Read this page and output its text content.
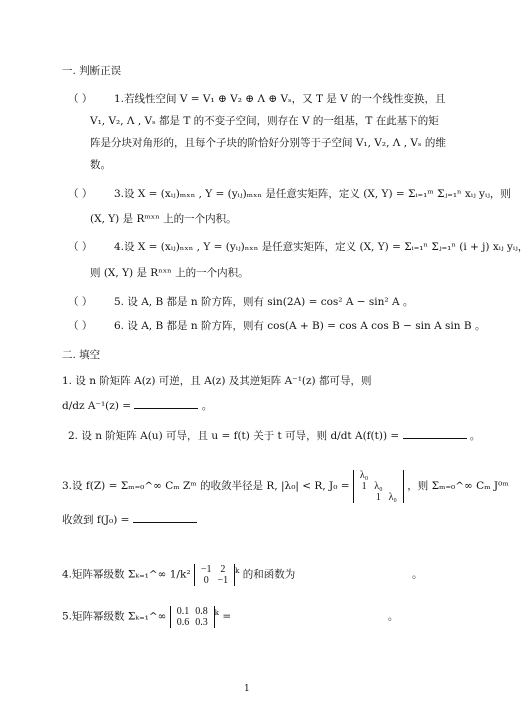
一. 判断正误
（ ） 1.若线性空间 V = V₁ ⊕ V₂ ⊕ Λ ⊕ Vₛ，又 T 是 V 的一个线性变换，且
V₁, V₂, Λ , Vₛ 都是 T 的不变子空间，则存在 V 的一组基，T 在此基下的矩
阵是分块对角形的，且每个子块的阶恰好分别等于子空间 V₁, V₂, Λ , Vₛ 的维
数。
（ ） 3.设 X = (xᵢⱼ)ₘₓₙ , Y = (yᵢⱼ)ₘₓₙ 是任意实矩阵，定义 (X, Y) = Σᵢ₌₁ᵐ Σⱼ₌₁ⁿ xᵢⱼ yᵢⱼ，则
(X, Y) 是 Rᵐˣⁿ 上的一个内积。
（ ） 4.设 X = (xᵢⱼ)ₙₓₙ , Y = (yᵢⱼ)ₙₓₙ 是任意实矩阵，定义 (X, Y) = Σᵢ₌₁ⁿ Σⱼ₌₁ⁿ (i + j) xᵢⱼ yᵢⱼ，
则 (X, Y) 是 Rⁿˣⁿ 上的一个内积。
（ ） 5. 设 A, B 都是 n 阶方阵，则有 sin(2A) = cos² A − sin² A 。
（ ） 6. 设 A, B 都是 n 阶方阵，则有 cos(A + B) = cos A cos B − sin A sin B 。
二. 填空
1. 设 n 阶矩阵 A(z) 可逆，且 A(z) 及其逆矩阵 A⁻¹(z) 都可导，则
d/dz A⁻¹(z) =	。
2. 设 n 阶矩阵 A(u) 可导，且 u = f(t) 关于 t 可导，则 d/dt A(f(t)) =	。
3.设 f(Z) = Σₘ₌₀^∞ Cₘ Zᵐ 的收敛半径是 R, |λ₀| < R, J₀ =
λ₀		
1	λ₀	
	1	λ₀
，则 Σₘ₌₀^∞ Cₘ J⁰ᵐ
收敛到 f(J₀) =
4.矩阵幂级数 Σₖ₌₁^∞ 1/k² −1	2
0	−1
$^k$ 的和函数为	。
5.矩阵幂级数 Σₖ₌₁^∞ 0.1	0.8
0.6	0.3
$^k$ =	。
1
